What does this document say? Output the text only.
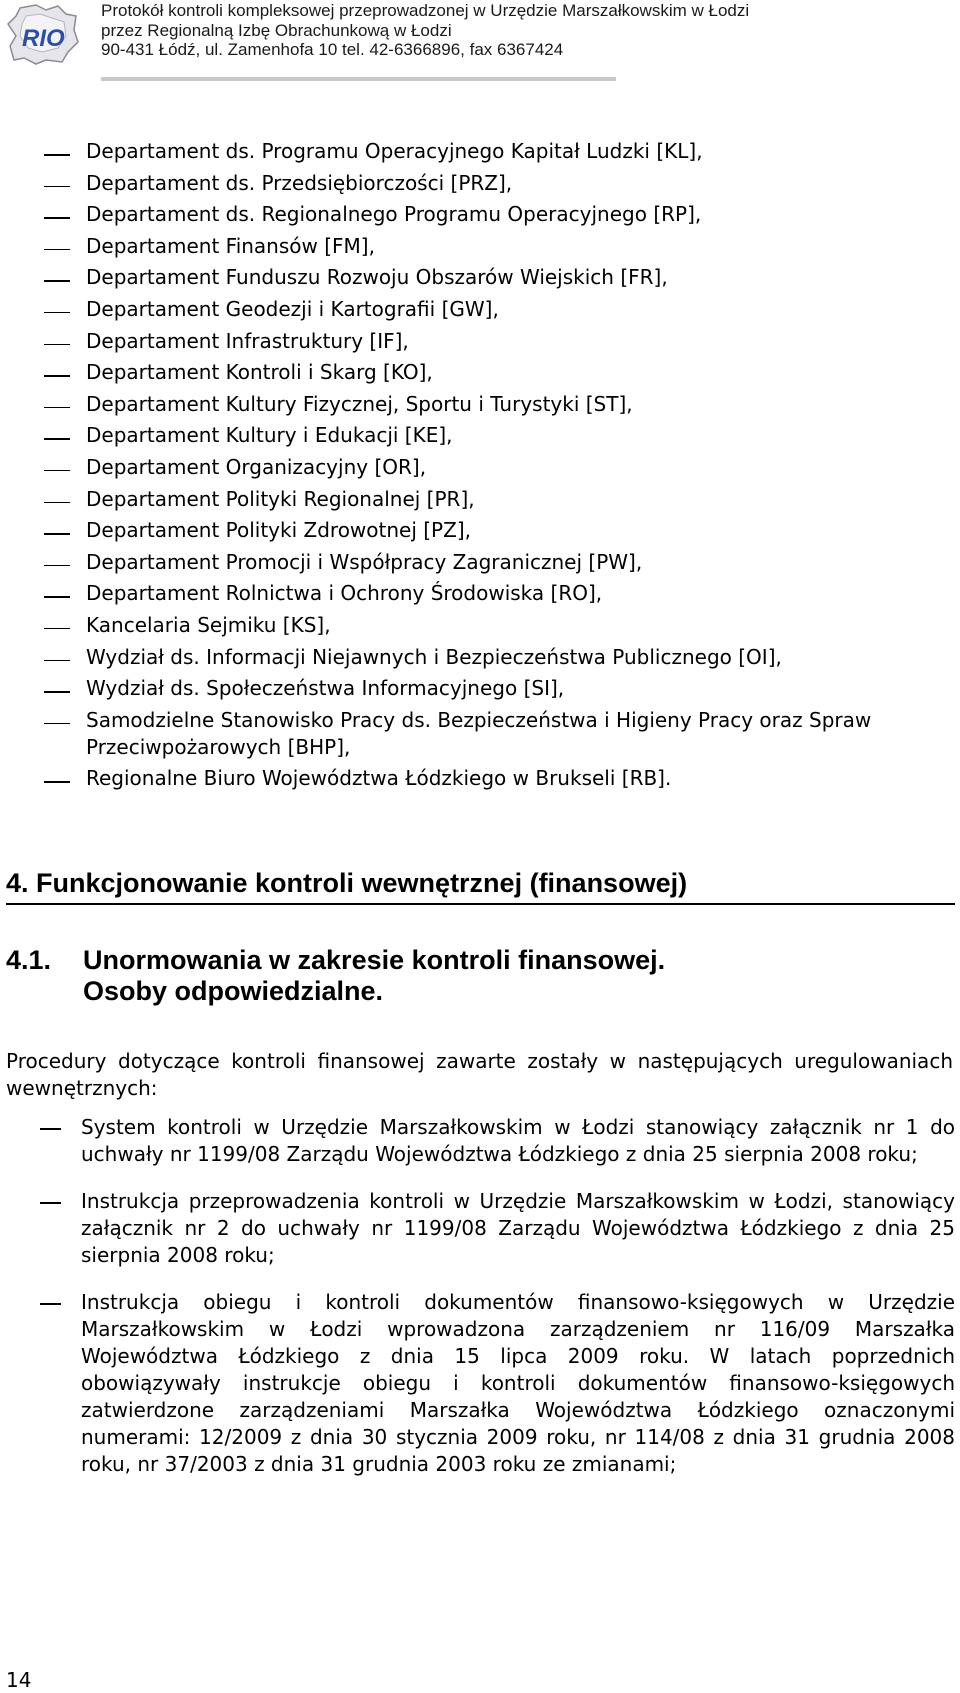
RIO
Protokół kontroli kompleksowej przeprowadzonej w Urzędzie Marszałkowskim w Łodzi
przez Regionalną Izbę Obrachunkową w Łodzi
90-431 Łódź, ul. Zamenhofa 10 tel. 42-6366896, fax 6367424
Departament ds. Programu Operacyjnego Kapitał Ludzki [KL],
Departament ds. Przedsiębiorczości [PRZ],
Departament ds. Regionalnego Programu Operacyjnego [RP],
Departament Finansów [FM],
Departament Funduszu Rozwoju Obszarów Wiejskich [FR],
Departament Geodezji i Kartografii [GW],
Departament Infrastruktury [IF],
Departament Kontroli i Skarg [KO],
Departament Kultury Fizycznej, Sportu i Turystyki [ST],
Departament Kultury i Edukacji [KE],
Departament Organizacyjny [OR],
Departament Polityki Regionalnej [PR],
Departament Polityki Zdrowotnej [PZ],
Departament Promocji i Współpracy Zagranicznej [PW],
Departament Rolnictwa i Ochrony Środowiska [RO],
Kancelaria Sejmiku [KS],
Wydział ds. Informacji Niejawnych i Bezpieczeństwa Publicznego [OI],
Wydział ds. Społeczeństwa Informacyjnego [SI],
Samodzielne Stanowisko Pracy ds. Bezpieczeństwa i Higieny Pracy oraz Spraw Przeciwpożarowych [BHP],
Regionalne Biuro Województwa Łódzkiego w Brukseli [RB].
4. Funkcjonowanie kontroli wewnętrznej (finansowej)
4.1. Unormowania w zakresie kontroli finansowej.
Osoby odpowiedzialne.
Procedury dotyczące kontroli finansowej zawarte zostały w następujących uregulowaniach wewnętrznych:
System kontroli w Urzędzie Marszałkowskim w Łodzi stanowiący załącznik nr 1 do uchwały nr 1199/08 Zarządu Województwa Łódzkiego z dnia 25 sierpnia 2008 roku;
Instrukcja przeprowadzenia kontroli w Urzędzie Marszałkowskim w Łodzi, stanowiący załącznik nr 2 do uchwały nr 1199/08 Zarządu Województwa Łódzkiego z dnia 25 sierpnia 2008 roku;
Instrukcja obiegu i kontroli dokumentów finansowo-księgowych w Urzędzie Marszałkowskim w Łodzi wprowadzona zarządzeniem nr 116/09 Marszałka Województwa Łódzkiego z dnia 15 lipca 2009 roku. W latach poprzednich obowiązywały instrukcje obiegu i kontroli dokumentów finansowo-księgowych zatwierdzone zarządzeniami Marszałka Województwa Łódzkiego oznaczonymi numerami: 12/2009 z dnia 30 stycznia 2009 roku, nr 114/08 z dnia 31 grudnia 2008 roku, nr 37/2003 z dnia 31 grudnia 2003 roku ze zmianami;
14
